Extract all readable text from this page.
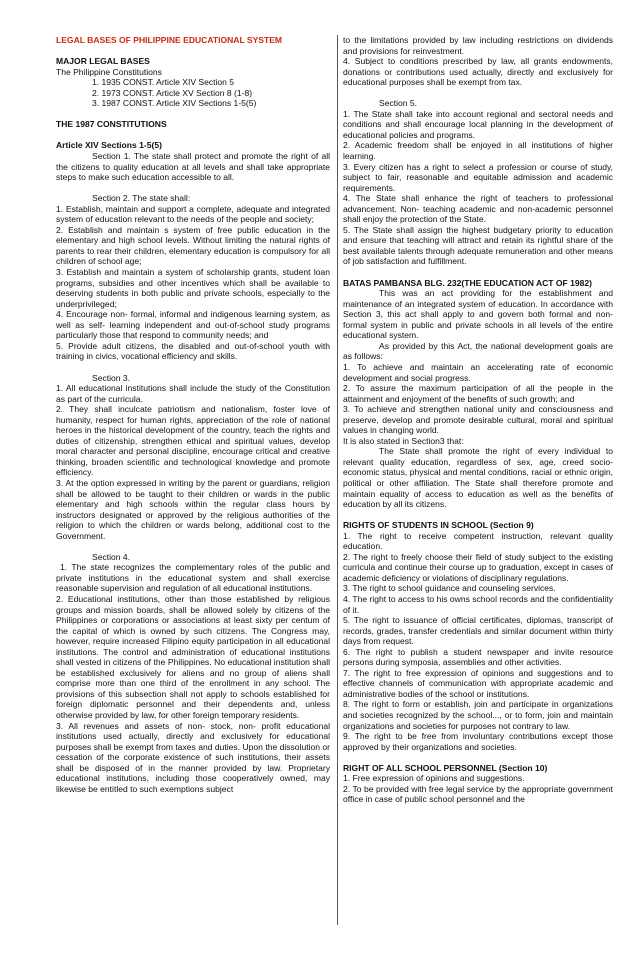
LEGAL BASES OF PHILIPPINE EDUCATIONAL SYSTEM

MAJOR LEGAL BASES

The Philippine Constitutions

1. 1935 CONST. Article XIV Section 5

2. 1973 CONST. Article XV Section 8 (1-8)

3. 1987 CONST. Article XIV Sections 1-5(5)

THE 1987 CONSTITUTIONS

Article XIV Sections 1-5(5)

Section 1. The state shall protect and promote the right of all the citizens to quality education at all levels and shall take appropriate steps to make such education accessible to all.

Section 2. The state shall:

1. Establish, maintain and support a complete, adequate and integrated system of education relevant to the needs of the people and society;

2. Establish and maintain s system of free public education in the elementary and high school levels. Without limiting the natural rights of parents to rear their children, elementary education is compulsory for all children of school age;

3. Establish and maintain a system of scholarship grants, student loan programs, subsidies and other incentives which shall be available to deserving students in both public and private schools, especially to the underprivileged;

4. Encourage non- formal, informal and indigenous learning system, as well as self- learning independent and out-of-school study programs particularly those that respond to community needs; and

5. Provide adult citizens, the disabled and out-of-school youth with training in civics, vocational efficiency and skills.

Section 3.

1. All educational institutions shall include the study of the Constitution as part of the curricula.

2. They shall inculcate patriotism and nationalism, foster love of humanity, respect for human rights, appreciation of the role of national heroes in the historical development of the country, teach the rights and duties of citizenship, strengthen ethical and spiritual values, develop moral character and personal discipline, encourage critical and creative thinking, broaden scientific and technological knowledge and promote efficiency.

3. At the option expressed in writing by the parent or guardians, religion shall be allowed to be taught to their children or wards in the public elementary and high schools within the regular class hours by instructors designated or approved by the religious authorities of the religion to which the children or wards belong, additional cost to the Government.

Section 4.

1. The state recognizes the complementary roles of the public and private institutions in the educational system and shall exercise reasonable supervision and regulation of all educational institutions.

2. Educational institutions, other than those established by religious groups and mission boards, shall be allowed solely by citizens of the Philippines or corporations or associations at least sixty per centum of the capital of which is owned by such citizens. The Congress may, however, require increased Filipino equity participation in all educational institutions. The control and administration of educational institutions shall vested in citizens of the Philippines. No educational institution shall be established exclusively for aliens and no group of aliens shall comprise more than one third of the enrollment in any school. The provisions of this subsection shall not apply to schools established for foreign diplomatic personnel and their dependents and, unless otherwise provided by law, for other foreign temporary residents.

3. All revenues and assets of non- stock, non- profit educational institutions used actually, directly and exclusively for educational purposes shall be exempt from taxes and duties. Upon the dissolution or cessation of the corporate existence of such institutions, their assets shall be disposed of in the manner provided by law. Proprietary educational institutions, including those cooperatively owned, may likewise be entitled to such exemptions subject

to the limitations provided by law including restrictions on dividends and provisions for reinvestment.

4. Subject to conditions prescribed by law, all grants endowments, donations or contributions used actually, directly and exclusively for educational purposes shall be exempt from tax.

Section 5.

1. The State shall take into account regional and sectoral needs and conditions and shall encourage local planning in the development of educational policies and programs.

2. Academic freedom shall be enjoyed in all institutions of higher learning.

3. Every citizen has a right to select a profession or course of study, subject to fair, reasonable and equitable admission and academic requirements.

4. The State shall enhance the right of teachers to professional advancement. Non- teaching academic and non-academic personnel shall enjoy the protection of the State.

5. The State shall assign the highest budgetary priority to education and ensure that teaching will attract and retain its rightful share of the best available talents through adequate remuneration and other means of job satisfaction and fulfillment.

BATAS PAMBANSA BLG. 232(THE EDUCATION ACT OF 1982)

This was an act providing for the establishment and maintenance of an integrated system of education. In accordance with Section 3, this act shall apply to and govern both formal and non- formal system in public and private schools in all levels of the entire educational system.

As provided by this Act, the national development goals are as follows:

1. To achieve and maintain an accelerating rate of economic development and social progress.

2. To assure the maximum participation of all the people in the attainment and enjoyment of the benefits of such growth; and

3. To achieve and strengthen national unity and consciousness and preserve, develop and promote desirable cultural, moral and spiritual values in changing world.

It is also stated in Section3 that:

The State shall promote the right of every individual to relevant quality education, regardless of sex, age, creed socio- economic status, physical and mental conditions, racial or ethnic origin, political or other affiliation. The State shall therefore promote and maintain equality of access to education as well as the benefits of education by all its citizens.

RIGHTS OF STUDENTS IN SCHOOL (Section 9)

1. The right to receive competent instruction, relevant quality education.

2. The right to freely choose their field of study subject to the existing curricula and continue their course up to graduation, except in cases of academic deficiency or violations of disciplinary regulations.

3. The right to school guidance and counseling services.

4. The right to access to his owns school records and the confidentiality of it.

5. The right to issuance of official certificates, diplomas, transcript of records, grades, transfer credentials and similar document within thirty days from request.

6. The right to publish a student newspaper and invite resource persons during symposia, assemblies and other activities.

7. The right to free expression of opinions and suggestions and to effective channels of communication with appropriate academic and administrative bodies of the school or institutions.

8. The right to form or establish, join and participate in organizations and societies recognized by the school..., or to form, join and maintain organizations and societies for purposes not contrary to law.

9. The right to be free from involuntary contributions except those approved by their organizations and societies.

RIGHT OF ALL SCHOOL PERSONNEL (Section 10)

1. Free expression of opinions and suggestions.

2. To be provided with free legal service by the appropriate government office in case of public school personnel and the
